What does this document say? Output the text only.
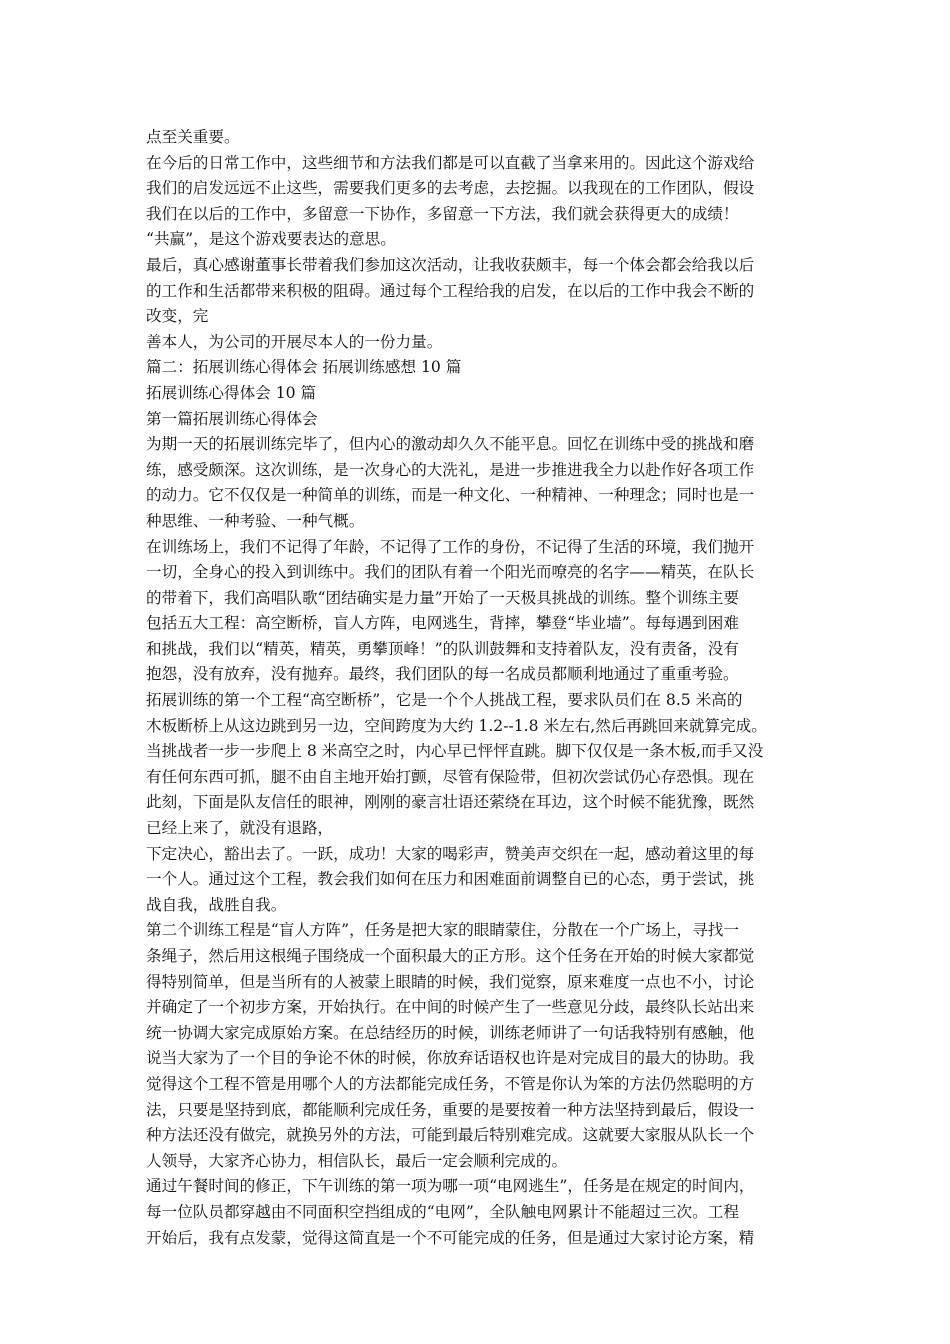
点至关重要。
在今后的日常工作中，这些细节和方法我们都是可以直截了当拿来用的。因此这个游戏给
我们的启发远远不止这些，需要我们更多的去考虑，去挖掘。以我现在的工作团队，假设
我们在以后的工作中，多留意一下协作，多留意一下方法，我们就会获得更大的成绩！
“共赢”，是这个游戏要表达的意思。
最后，真心感谢董事长带着我们参加这次活动，让我收获颇丰，每一个体会都会给我以后
的工作和生活都带来积极的阻碍。通过每个工程给我的启发，在以后的工作中我会不断的
改变，完
善本人，为公司的开展尽本人的一份力量。
篇二：拓展训练心得体会 拓展训练感想 10 篇
拓展训练心得体会 10 篇
第一篇拓展训练心得体会
为期一天的拓展训练完毕了，但内心的激动却久久不能平息。回忆在训练中受的挑战和磨
练，感受颇深。这次训练，是一次身心的大洗礼，是进一步推进我全力以赴作好各项工作
的动力。它不仅仅是一种简单的训练，而是一种文化、一种精神、一种理念；同时也是一
种思维、一种考验、一种气概。
在训练场上，我们不记得了年龄，不记得了工作的身份，不记得了生活的环境，我们抛开
一切，全身心的投入到训练中。我们的团队有着一个阳光而嘹亮的名字——精英，在队长
的带着下，我们高唱队歌“团结确实是力量”开始了一天极具挑战的训练。整个训练主要
包括五大工程：高空断桥，盲人方阵，电网逃生，背摔，攀登“毕业墙”。每每遇到困难
和挑战，我们以“精英，精英，勇攀顶峰！”的队训鼓舞和支持着队友，没有责备，没有
抱怨，没有放弃，没有抛弃。最终，我们团队的每一名成员都顺利地通过了重重考验。
拓展训练的第一个工程“高空断桥”，它是一个个人挑战工程，要求队员们在 8.5 米高的
木板断桥上从这边跳到另一边，空间跨度为大约 1.2--1.8 米左右,然后再跳回来就算完成。
当挑战者一步一步爬上 8 米高空之时，内心早已怦怦直跳。脚下仅仅是一条木板,而手又没
有任何东西可抓，腿不由自主地开始打颤，尽管有保险带，但初次尝试仍心存恐惧。现在
此刻，下面是队友信任的眼神，刚刚的豪言壮语还萦绕在耳边，这个时候不能犹豫，既然
已经上来了，就没有退路，
下定决心，豁出去了。一跃，成功！大家的喝彩声，赞美声交织在一起，感动着这里的每
一个人。通过这个工程，教会我们如何在压力和困难面前调整自已的心态，勇于尝试，挑
战自我，战胜自我。
第二个训练工程是“盲人方阵”，任务是把大家的眼睛蒙住，分散在一个广场上，寻找一
条绳子，然后用这根绳子围绕成一个面积最大的正方形。这个任务在开始的时候大家都觉
得特别简单，但是当所有的人被蒙上眼睛的时候，我们觉察，原来难度一点也不小，讨论
并确定了一个初步方案，开始执行。在中间的时候产生了一些意见分歧，最终队长站出来
统一协调大家完成原始方案。在总结经历的时候，训练老师讲了一句话我特别有感触，他
说当大家为了一个目的争论不休的时候，你放弃话语权也许是对完成目的最大的协助。我
觉得这个工程不管是用哪个人的方法都能完成任务，不管是你认为笨的方法仍然聪明的方
法，只要是坚持到底，都能顺利完成任务，重要的是要按着一种方法坚持到最后，假设一
种方法还没有做完，就换另外的方法，可能到最后特别难完成。这就要大家服从队长一个
人领导，大家齐心协力，相信队长，最后一定会顺利完成的。
通过午餐时间的修正，下午训练的第一项为哪一项“电网逃生”，任务是在规定的时间内，
每一位队员都穿越由不同面积空挡组成的“电网”，全队触电网累计不能超过三次。工程
开始后，我有点发蒙，觉得这简直是一个不可能完成的任务，但是通过大家讨论方案，精
